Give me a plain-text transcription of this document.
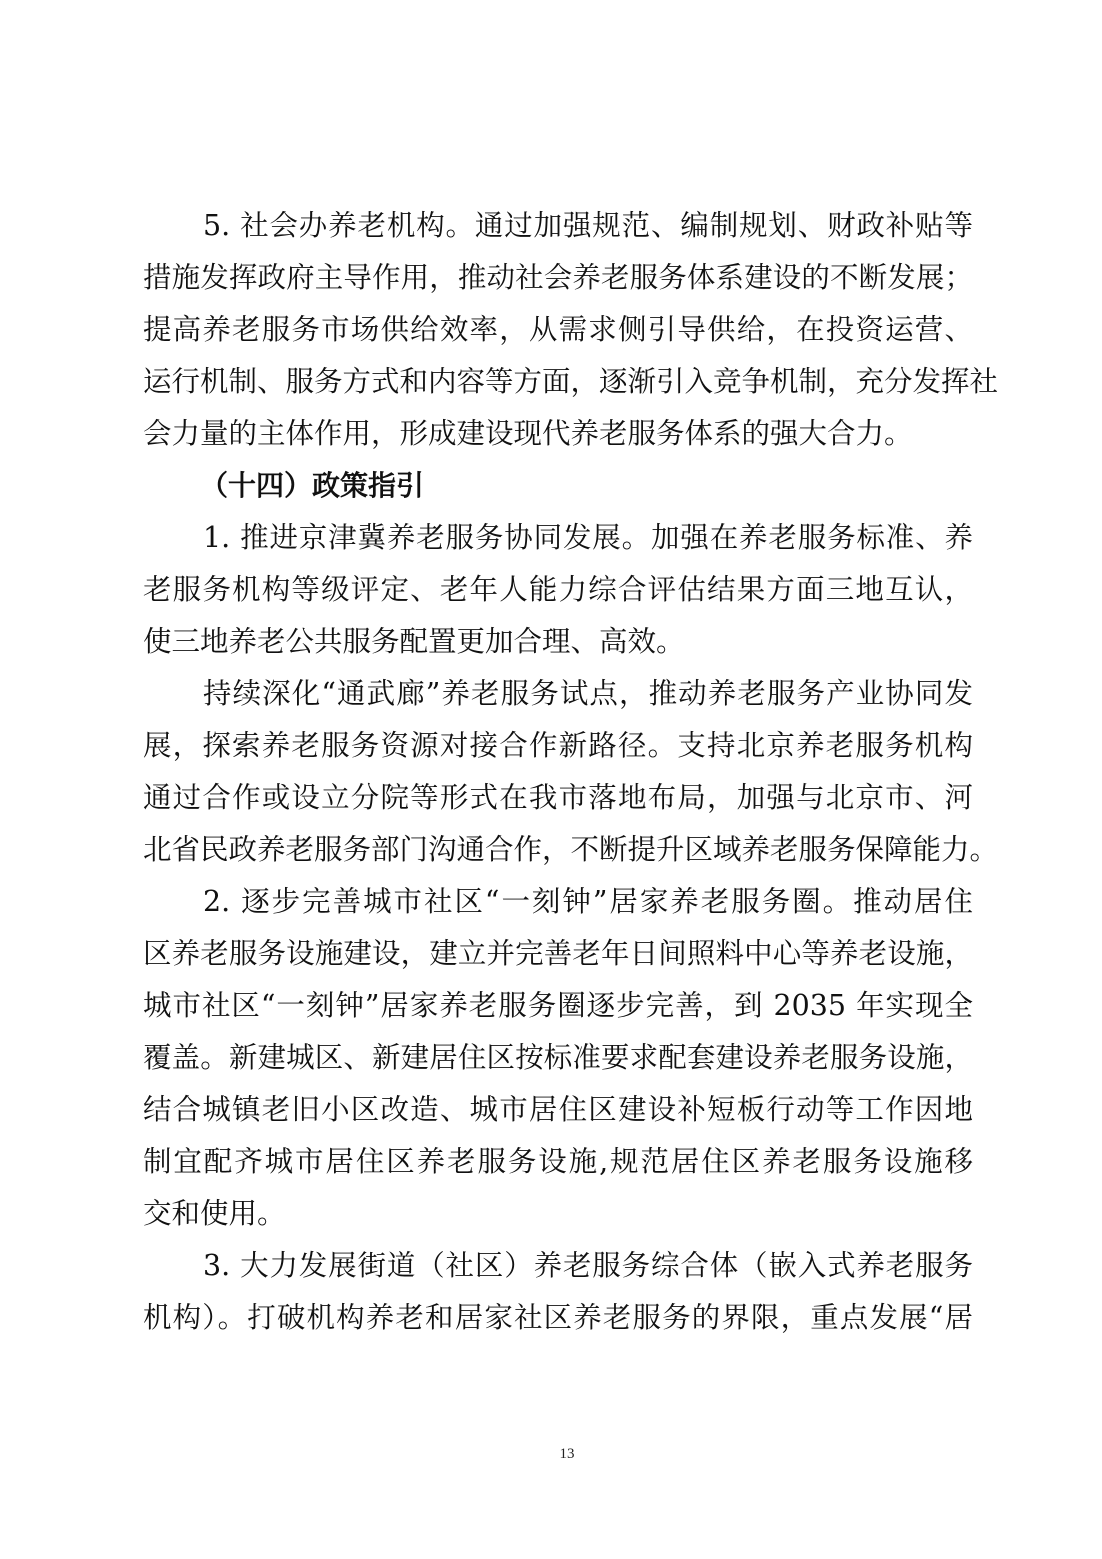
5. 社会办养老机构。通过加强规范、编制规划、财政补贴等
措施发挥政府主导作用，推动社会养老服务体系建设的不断发展；
提高养老服务市场供给效率，从需求侧引导供给，在投资运营、
运行机制、服务方式和内容等方面，逐渐引入竞争机制，充分发挥社
会力量的主体作用，形成建设现代养老服务体系的强大合力。
（十四）政策指引
1. 推进京津冀养老服务协同发展。加强在养老服务标准、养
老服务机构等级评定、老年人能力综合评估结果方面三地互认，
使三地养老公共服务配置更加合理、高效。
持续深化“通武廊”养老服务试点，推动养老服务产业协同发
展，探索养老服务资源对接合作新路径。支持北京养老服务机构
通过合作或设立分院等形式在我市落地布局，加强与北京市、河
北省民政养老服务部门沟通合作，不断提升区域养老服务保障能力。
2. 逐步完善城市社区“一刻钟”居家养老服务圈。推动居住
区养老服务设施建设，建立并完善老年日间照料中心等养老设施，
城市社区“一刻钟”居家养老服务圈逐步完善，到 2035 年实现全
覆盖。新建城区、新建居住区按标准要求配套建设养老服务设施，
结合城镇老旧小区改造、城市居住区建设补短板行动等工作因地
制宜配齐城市居住区养老服务设施,规范居住区养老服务设施移
交和使用。
3. 大力发展街道（社区）养老服务综合体（嵌入式养老服务
机构）。打破机构养老和居家社区养老服务的界限，重点发展“居
13
